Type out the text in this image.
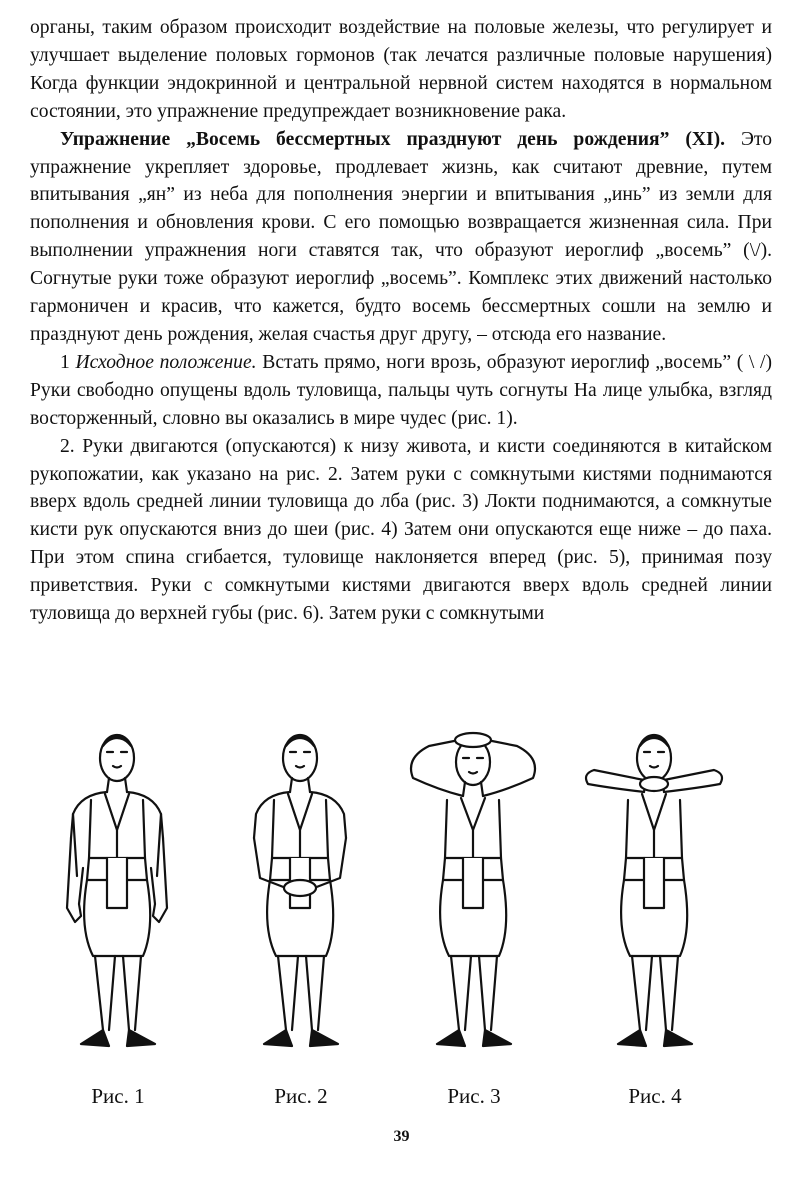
органы, таким образом происходит воздействие на половые железы, что регулирует и улучшает выделение половых гормонов (так лечатся различные половые нарушения) Когда функции эндокринной и центральной нервной систем находятся в нормальном состоянии, это упражнение предупреждает возникновение рака.

Упражнение „Восемь бессмертных празднуют день рождения” (XI). Это упражнение укрепляет здоровье, продлевает жизнь, как считают древние, путем впитывания „ян” из неба для пополнения энергии и впитывания „инь” из земли для пополнения и обновления крови. С его помощью возвращается жизненная сила. При выполнении упражнения ноги ставятся так, что образуют иероглиф „восемь” (\/). Согнутые руки тоже образуют иероглиф „восемь”. Комплекс этих движений настолько гармоничен и красив, что кажется, будто восемь бессмертных сошли на землю и празднуют день рождения, желая счастья друг другу, – отсюда его название.

1 Исходное положение. Встать прямо, ноги врозь, образуют иероглиф „восемь” ( \ /) Руки свободно опущены вдоль туловища, пальцы чуть согнуты На лице улыбка, взгляд восторженный, словно вы оказались в мире чудес (рис. 1).

2. Руки двигаются (опускаются) к низу живота, и кисти соединяются в китайском рукопожатии, как указано на рис. 2. Затем руки с сомкнутыми кистями поднимаются вверх вдоль средней линии туловища до лба (рис. 3) Локти поднимаются, а сомкнутые кисти рук опускаются вниз до шеи (рис. 4) Затем они опускаются еще ниже – до паха. При этом спина сгибается, туловище наклоняется вперед (рис. 5), принимая позу приветствия. Руки с сомкнутыми кистями двигаются вверх вдоль средней линии туловища до верхней губы (рис. 6). Затем руки с сомкнутыми

Рис. 1	Рис. 2	Рис. 3	Рис. 4
39
